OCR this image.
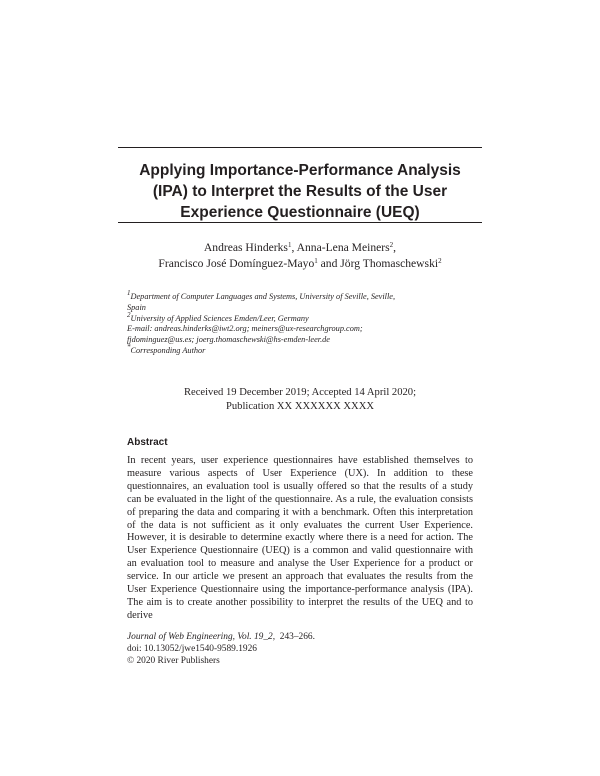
Applying Importance-Performance Analysis
(IPA) to Interpret the Results of the User
Experience Questionnaire (UEQ)
Andreas Hinderks$^1$, Anna-Lena Meiners$^2$,
Francisco José Domínguez-Mayo$^1$ and Jörg Thomaschewski$^2$
$^1$Department of Computer Languages and Systems, University of Seville, Seville,
Spain
$^2$University of Applied Sciences Emden/Leer, Germany
E-mail: andreas.hinderks@iwt2.org; meiners@ux-researchgroup.com;
fjdominguez@us.es; joerg.thomaschewski@hs-emden-leer.de
*Corresponding Author
Received 19 December 2019; Accepted 14 April 2020;
Publication XX XXXXXX XXXX
Abstract
In recent years, user experience questionnaires have established themselves to measure various aspects of User Experience (UX). In addition to these questionnaires, an evaluation tool is usually offered so that the results of a study can be evaluated in the light of the questionnaire. As a rule, the evaluation consists of preparing the data and comparing it with a benchmark. Often this interpretation of the data is not sufficient as it only evaluates the current User Experience. However, it is desirable to determine exactly where there is a need for action. The User Experience Questionnaire (UEQ) is a common and valid questionnaire with an evaluation tool to measure and analyse the User Experience for a product or service. In our article we present an approach that evaluates the results from the User Experience Questionnaire using the importance-performance analysis (IPA). The aim is to create another possibility to interpret the results of the UEQ and to derive
Journal of Web Engineering, Vol. 19_2, 243–266.
doi: 10.13052/jwe1540-9589.1926
© 2020 River Publishers
